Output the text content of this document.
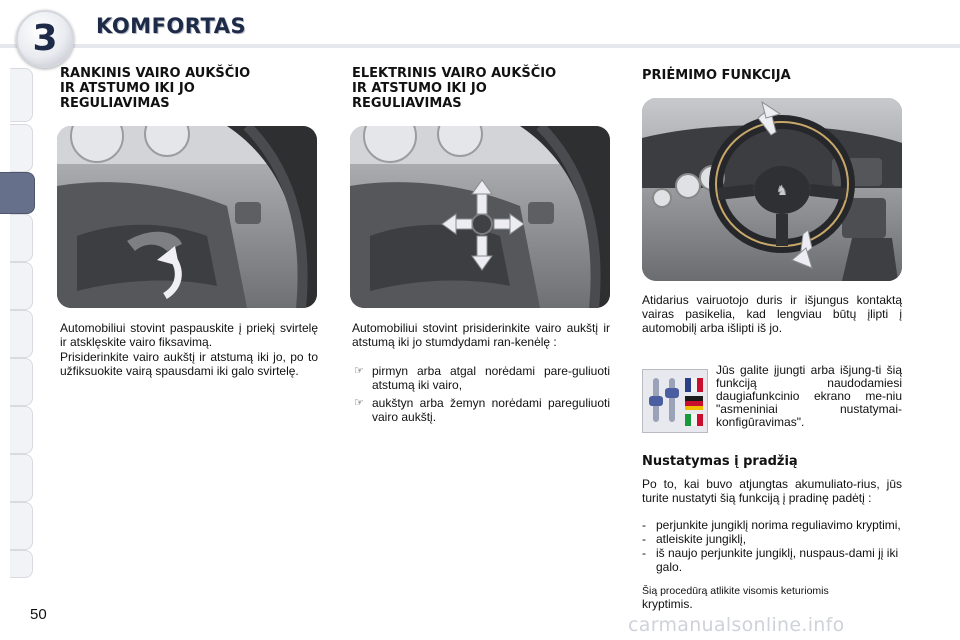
3	KOMFORTAS
RANKINIS VAIRO AUKŠČIO
IR ATSTUMO IKI JO
REGULIAVIMAS

Automobiliui stovint paspauskite į priekį svirtelę ir atsklęskite vairo fiksavimą.

Prisiderinkite vairo aukštį ir atstumą iki jo, po to užfiksuokite vairą spausdami iki galo svirtelę.

ELEKTRINIS VAIRO AUKŠČIO
IR ATSTUMO IKI JO
REGULIAVIMAS

Automobiliui stovint prisiderinkite vairo aukštį ir atstumą iki jo stumdydami ran-kenėlę :

☞ pirmyn arba atgal norėdami pare-guliuoti atstumą iki vairo,
☞ aukštyn arba žemyn norėdami pareguliuoti vairo aukštį.
PRIĖMIMO FUNKCIJA
♞

Atidarius vairuotojo duris ir išjungus kontaktą vairas pasikelia, kad lengviau būtų įlipti į automobilį arba išlipti iš jo.

Jūs galite įjungti arba išjung-ti šią funkciją naudodamiesi daugiafunkcinio ekrano me-niu "asmeniniai nustatymai-konfigūravimas".

Nustatymas į pradžią

Po to, kai buvo atjungtas akumuliato-rius, jūs turite nustatyti šią funkciją į pradinę padėtį :

- perjunkite jungiklį norima reguliavimo kryptimi,
- atleiskite jungiklį,
- iš naujo perjunkite jungiklį, nuspaus-dami jį iki galo.
Šią procedūrą atlikite visomis keturiomis
kryptimis.
50	carmanualsonline.info
